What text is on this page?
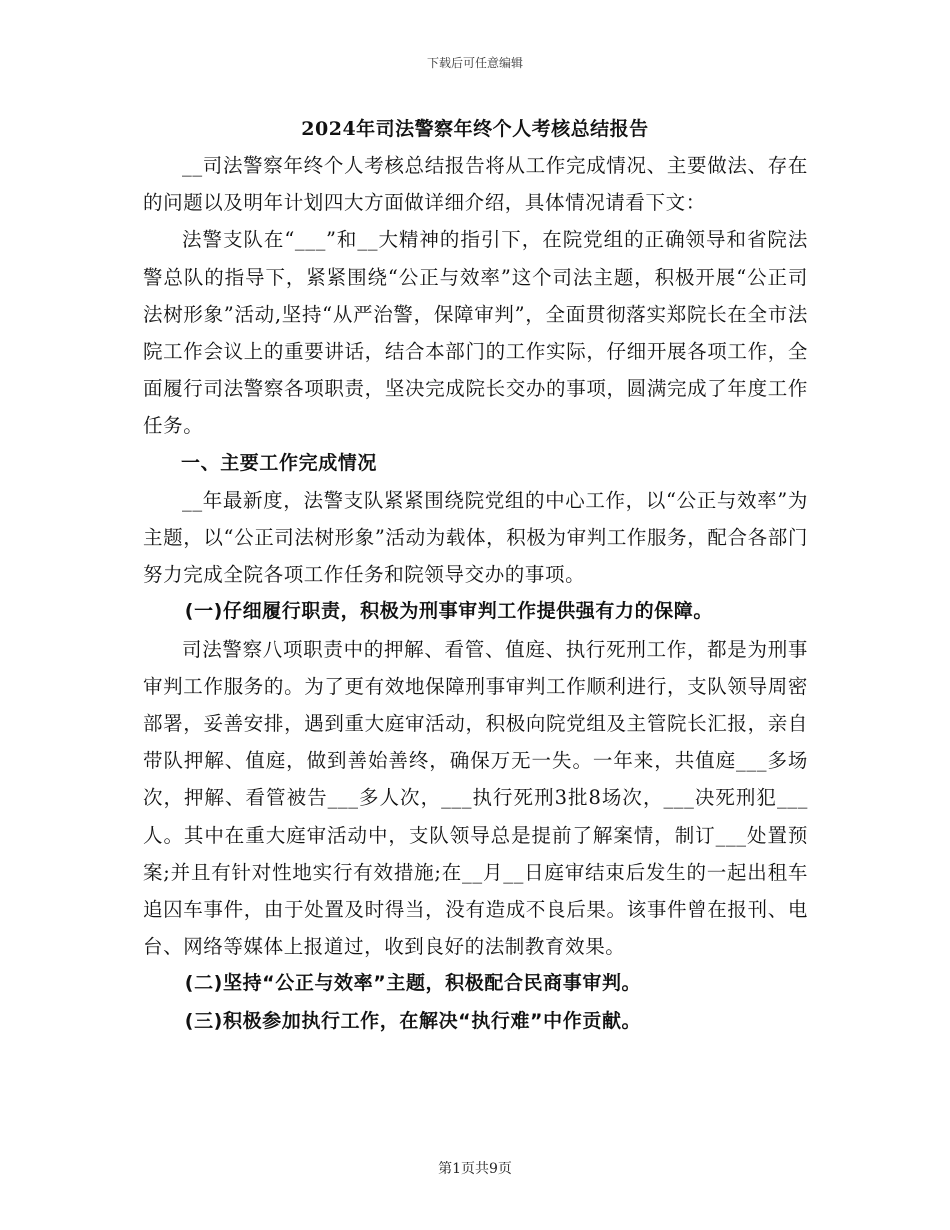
下载后可任意编辑
2024年司法警察年终个人考核总结报告

__司法警察年终个人考核总结报告将从工作完成情况、主要做法、存在的问题以及明年计划四大方面做详细介绍，具体情况请看下文：

法警支队在“___”和__大精神的指引下，在院党组的正确领导和省院法警总队的指导下，紧紧围绕“公正与效率”这个司法主题，积极开展“公正司法树形象”活动,坚持“从严治警，保障审判”，全面贯彻落实郑院长在全市法院工作会议上的重要讲话，结合本部门的工作实际，仔细开展各项工作，全面履行司法警察各项职责，坚决完成院长交办的事项，圆满完成了年度工作任务。

一、主要工作完成情况

__年最新度，法警支队紧紧围绕院党组的中心工作，以“公正与效率”为主题，以“公正司法树形象”活动为载体，积极为审判工作服务，配合各部门努力完成全院各项工作任务和院领导交办的事项。

(一)仔细履行职责，积极为刑事审判工作提供强有力的保障。

司法警察八项职责中的押解、看管、值庭、执行死刑工作，都是为刑事审判工作服务的。为了更有效地保障刑事审判工作顺利进行，支队领导周密部署，妥善安排，遇到重大庭审活动，积极向院党组及主管院长汇报，亲自带队押解、值庭，做到善始善终，确保万无一失。一年来，共值庭___多场次，押解、看管被告___多人次，___执行死刑3批8场次，___决死刑犯___人。其中在重大庭审活动中，支队领导总是提前了解案情，制订___处置预案;并且有针对性地实行有效措施;在__月__日庭审结束后发生的一起出租车追囚车事件，由于处置及时得当，没有造成不良后果。该事件曾在报刊、电台、网络等媒体上报道过，收到良好的法制教育效果。

(二)坚持“公正与效率”主题，积极配合民商事审判。

(三)积极参加执行工作，在解决“执行难”中作贡献。

第1页共9页
